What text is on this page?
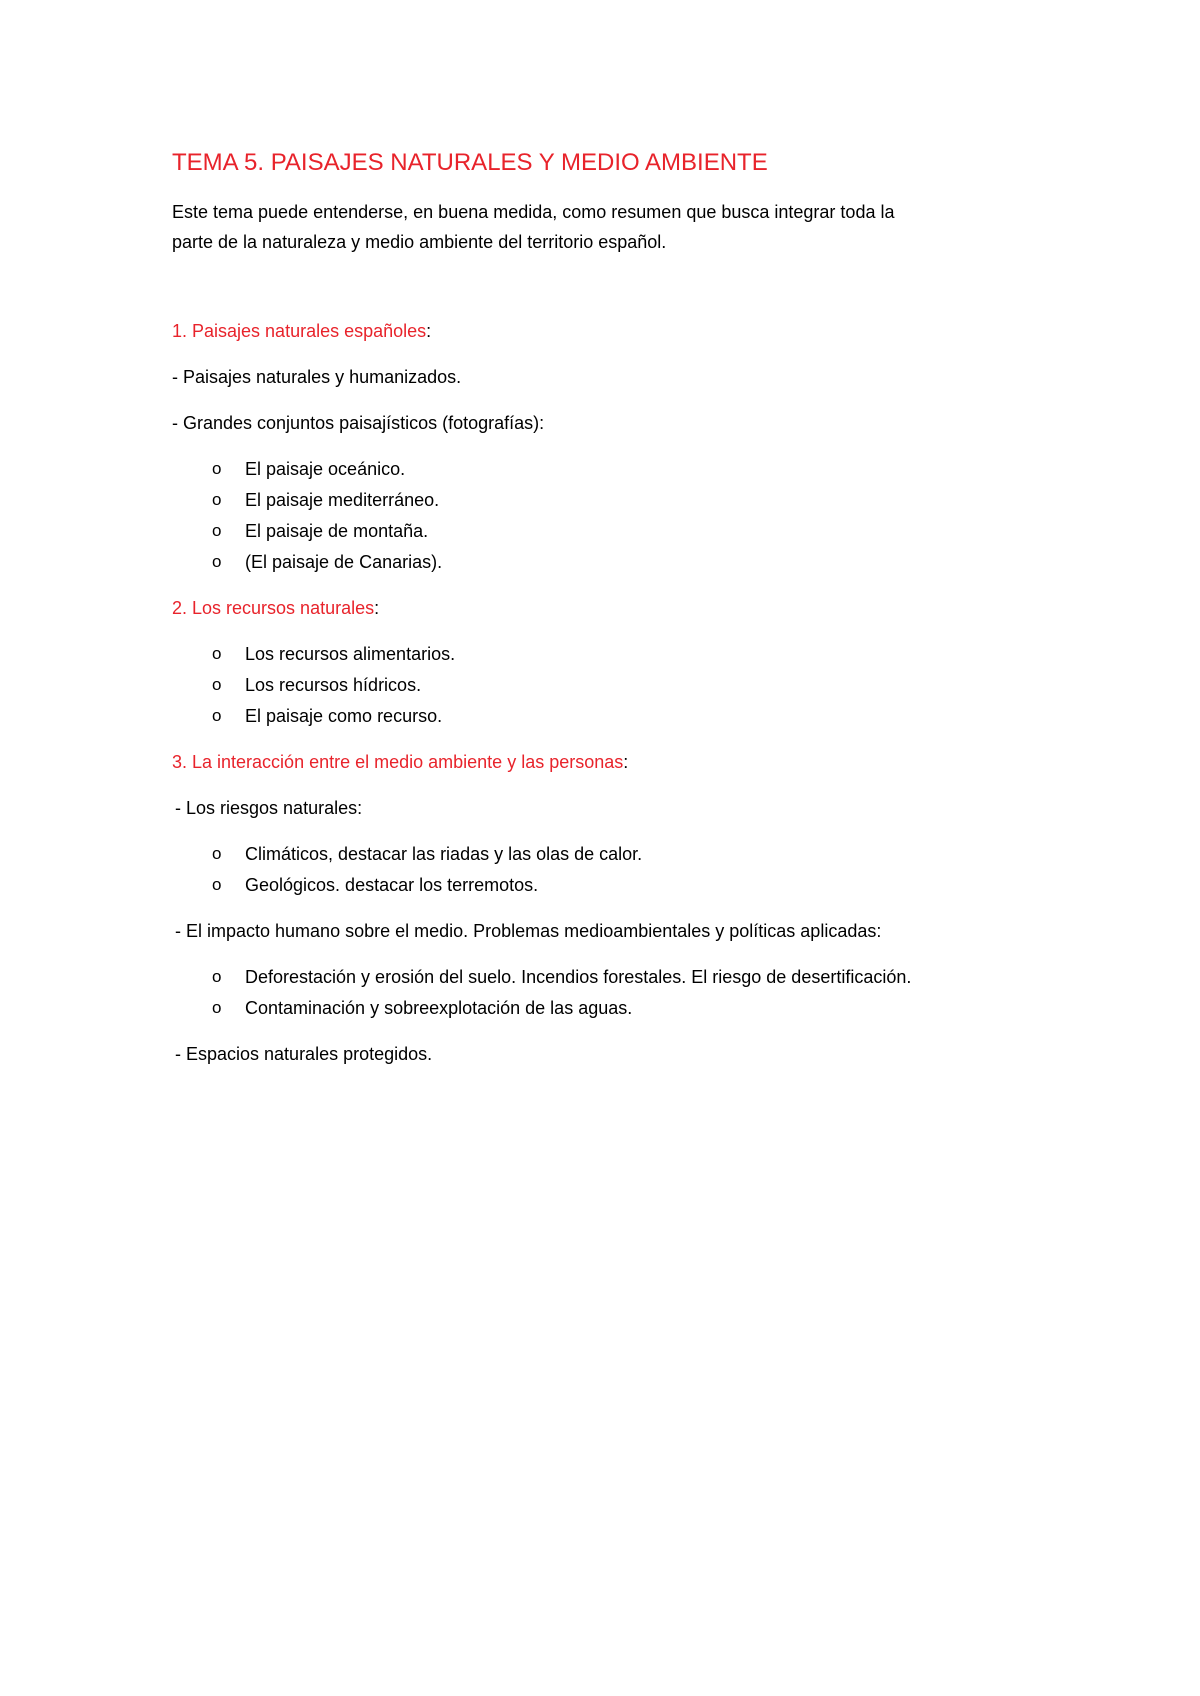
TEMA 5. PAISAJES NATURALES Y MEDIO AMBIENTE
Este tema puede entenderse, en buena medida, como resumen que busca integrar toda la
parte de la naturaleza y medio ambiente del territorio español.
1. Paisajes naturales españoles:
- Paisajes naturales y humanizados.
- Grandes conjuntos paisajísticos (fotografías):
o El paisaje oceánico.
o El paisaje mediterráneo.
o El paisaje de montaña.
o (El paisaje de Canarias).
2. Los recursos naturales:
o Los recursos alimentarios.
o Los recursos hídricos.
o El paisaje como recurso.
3. La interacción entre el medio ambiente y las personas:
- Los riesgos naturales:
o Climáticos, destacar las riadas y las olas de calor.
o Geológicos. destacar los terremotos.
- El impacto humano sobre el medio. Problemas medioambientales y políticas aplicadas:
o Deforestación y erosión del suelo. Incendios forestales. El riesgo de desertificación.
o Contaminación y sobreexplotación de las aguas.
- Espacios naturales protegidos.
